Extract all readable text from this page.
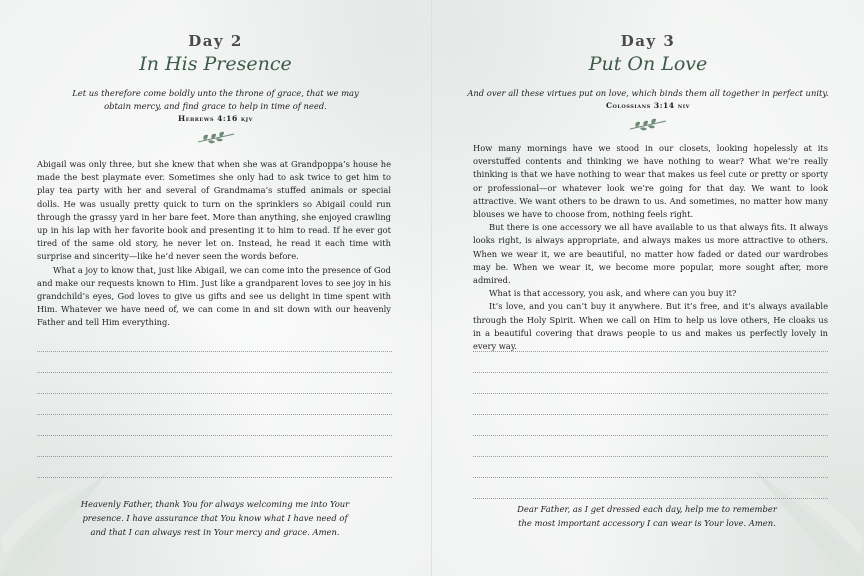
Day 2
In His Presence
Let us therefore come boldly unto the throne of grace, that we may obtain mercy, and find grace to help in time of need.
Hebrews 4:16 kjv

Abigail was only three, but she knew that when she was at Grandpoppa’s house he made the best playmate ever. Sometimes she only had to ask twice to get him to play tea party with her and several of Grandmama’s stuffed animals or special dolls. He was usually pretty quick to turn on the sprinklers so Abigail could run through the grassy yard in her bare feet. More than anything, she enjoyed crawling up in his lap with her favorite book and presenting it to him to read. If he ever got tired of the same old story, he never let on. Instead, he read it each time with surprise and sincerity—like he’d never seen the words before.

What a joy to know that, just like Abigail, we can come into the presence of God and make our requests known to Him. Just like a grandparent loves to see joy in his grandchild’s eyes, God loves to give us gifts and see us delight in time spent with Him. Whatever we have need of, we can come in and sit down with our heavenly Father and tell Him everything.

Heavenly Father, thank You for always welcoming me into Your presence. I have assurance that You know what I have need of and that I can always rest in Your mercy and grace. Amen.
Day 3
Put On Love
And over all these virtues put on love, which binds them all together in perfect unity.
Colossians 3:14 niv

How many mornings have we stood in our closets, looking hopelessly at its overstuffed contents and thinking we have nothing to wear? What we’re really thinking is that we have nothing to wear that makes us feel cute or pretty or sporty or professional—or whatever look we’re going for that day. We want to look attractive. We want others to be drawn to us. And sometimes, no matter how many blouses we have to choose from, nothing feels right.

But there is one accessory we all have available to us that always fits. It always looks right, is always appropriate, and always makes us more attractive to others. When we wear it, we are beautiful, no matter how faded or dated our wardrobes may be. When we wear it, we become more popular, more sought after, more admired.

What is that accessory, you ask, and where can you buy it?

It’s love, and you can’t buy it anywhere. But it’s free, and it’s always available through the Holy Spirit. When we call on Him to help us love others, He cloaks us in a beautiful covering that draws people to us and makes us perfectly lovely in every way.

Dear Father, as I get dressed each day, help me to remember the most important accessory I can wear is Your love. Amen.
